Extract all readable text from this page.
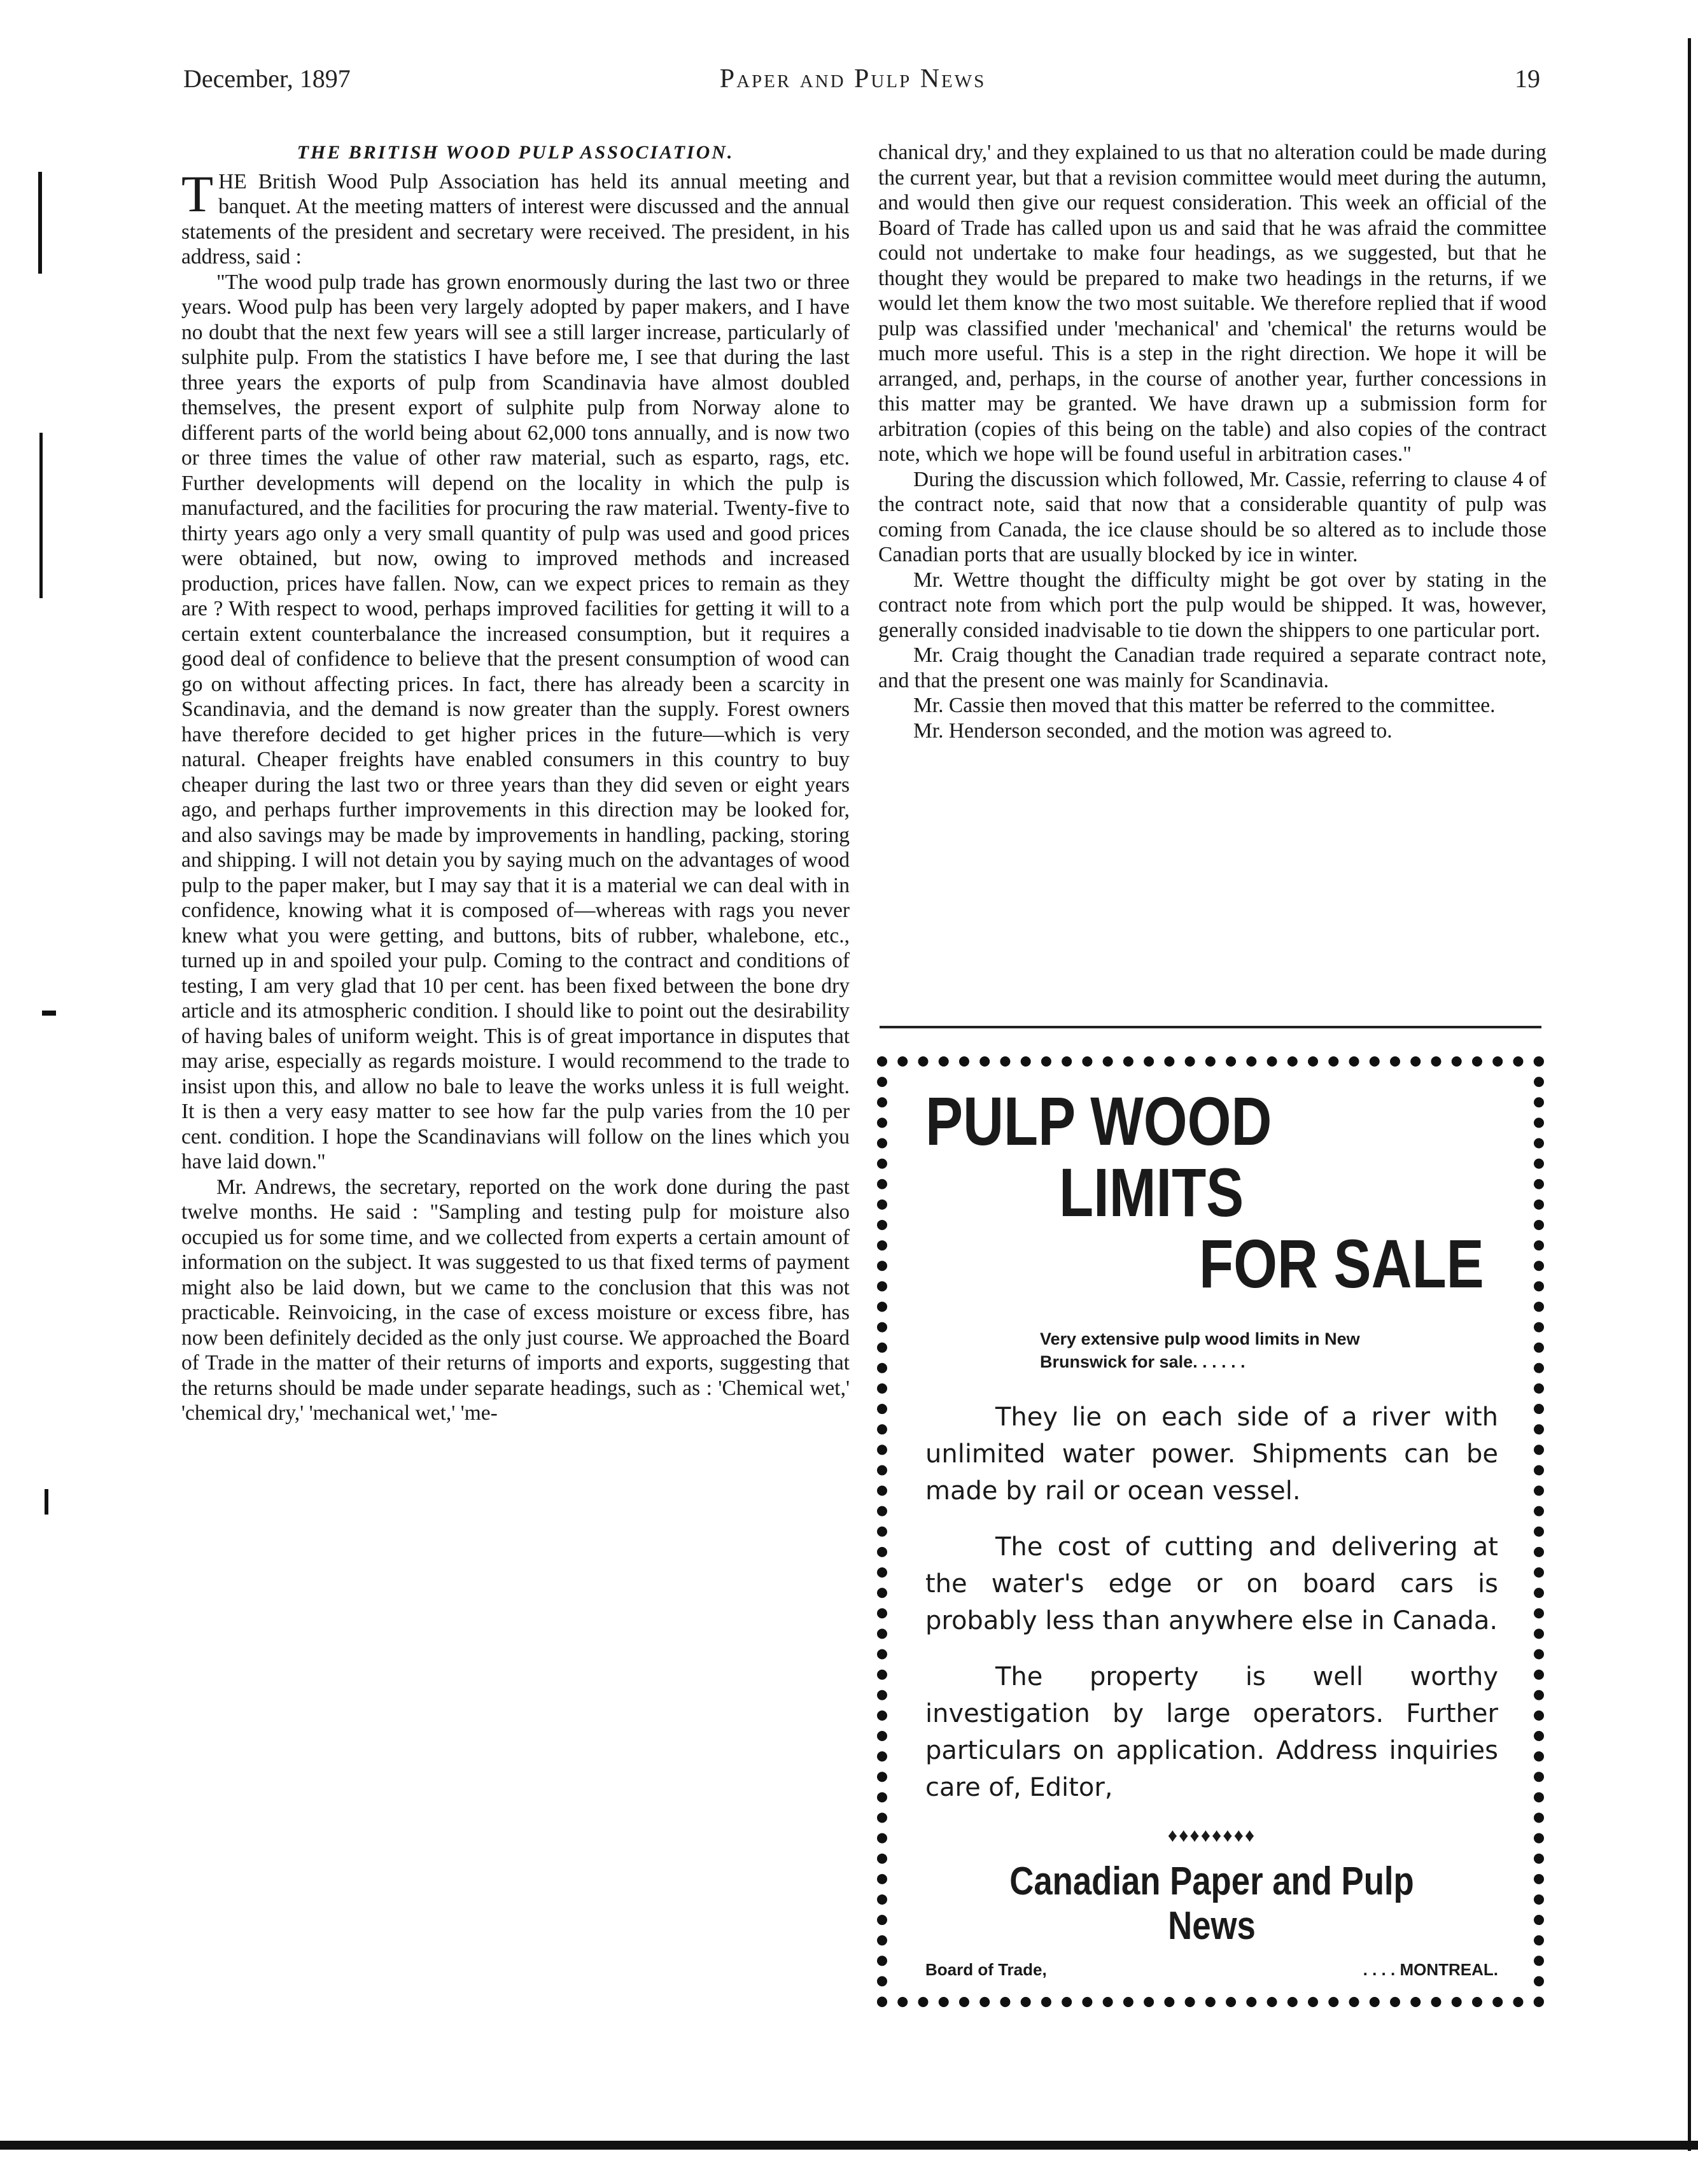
December, 1897	Paper and Pulp News	19

THE BRITISH WOOD PULP ASSOCIATION.

THE British Wood Pulp Association has held its annual meeting and banquet. At the meeting matters of interest were discussed and the annual statements of the president and secretary were received. The president, in his address, said :

"The wood pulp trade has grown enormously during the last two or three years. Wood pulp has been very largely adopted by paper makers, and I have no doubt that the next few years will see a still larger increase, particularly of sulphite pulp. From the statistics I have before me, I see that during the last three years the exports of pulp from Scandinavia have almost doubled themselves, the present export of sulphite pulp from Norway alone to different parts of the world being about 62,000 tons annually, and is now two or three times the value of other raw material, such as esparto, rags, etc. Further developments will depend on the locality in which the pulp is manufactured, and the facilities for procuring the raw material. Twenty-five to thirty years ago only a very small quantity of pulp was used and good prices were obtained, but now, owing to improved methods and increased production, prices have fallen. Now, can we expect prices to remain as they are ? With respect to wood, perhaps improved facilities for getting it will to a certain extent counterbalance the increased consumption, but it requires a good deal of confidence to believe that the present consumption of wood can go on without affecting prices. In fact, there has already been a scarcity in Scandinavia, and the demand is now greater than the supply. Forest owners have therefore decided to get higher prices in the future—which is very natural. Cheaper freights have enabled consumers in this country to buy cheaper during the last two or three years than they did seven or eight years ago, and perhaps further improvements in this direction may be looked for, and also savings may be made by improvements in handling, packing, storing and shipping. I will not detain you by saying much on the advantages of wood pulp to the paper maker, but I may say that it is a material we can deal with in confidence, knowing what it is composed of—whereas with rags you never knew what you were getting, and buttons, bits of rubber, whalebone, etc., turned up in and spoiled your pulp. Coming to the contract and conditions of testing, I am very glad that 10 per cent. has been fixed between the bone dry article and its atmospheric condition. I should like to point out the desirability of having bales of uniform weight. This is of great importance in disputes that may arise, especially as regards moisture. I would recommend to the trade to insist upon this, and allow no bale to leave the works unless it is full weight. It is then a very easy matter to see how far the pulp varies from the 10 per cent. condition. I hope the Scandinavians will follow on the lines which you have laid down."

Mr. Andrews, the secretary, reported on the work done during the past twelve months. He said : "Sampling and testing pulp for moisture also occupied us for some time, and we collected from experts a certain amount of information on the subject. It was suggested to us that fixed terms of payment might also be laid down, but we came to the conclusion that this was not practicable. Reinvoicing, in the case of excess moisture or excess fibre, has now been definitely decided as the only just course. We approached the Board of Trade in the matter of their returns of imports and exports, suggesting that the returns should be made under separate headings, such as : 'Chemical wet,' 'chemical dry,' 'mechanical wet,' 'me-

chanical dry,' and they explained to us that no alteration could be made during the current year, but that a revision committee would meet during the autumn, and would then give our request consideration. This week an official of the Board of Trade has called upon us and said that he was afraid the committee could not undertake to make four headings, as we suggested, but that he thought they would be prepared to make two headings in the returns, if we would let them know the two most suitable. We therefore replied that if wood pulp was classified under 'mechanical' and 'chemical' the returns would be much more useful. This is a step in the right direction. We hope it will be arranged, and, perhaps, in the course of another year, further concessions in this matter may be granted. We have drawn up a submission form for arbitration (copies of this being on the table) and also copies of the contract note, which we hope will be found useful in arbitration cases."

During the discussion which followed, Mr. Cassie, referring to clause 4 of the contract note, said that now that a considerable quantity of pulp was coming from Canada, the ice clause should be so altered as to include those Canadian ports that are usually blocked by ice in winter.

Mr. Wettre thought the difficulty might be got over by stating in the contract note from which port the pulp would be shipped. It was, however, generally consided inadvisable to tie down the shippers to one particular port.

Mr. Craig thought the Canadian trade required a separate contract note, and that the present one was mainly for Scandinavia.

Mr. Cassie then moved that this matter be referred to the committee.

Mr. Henderson seconded, and the motion was agreed to.

PULP WOOD
LIMITS
FOR SALE
Very extensive pulp wood limits in New Brunswick for sale. . . . . .

They lie on each side of a river with unlimited water power. Shipments can be made by rail or ocean vessel.

The cost of cutting and delivering at the water's edge or on board cars is probably less than anywhere else in Canada.

The property is well worthy investigation by large operators. Further particulars on application. Address inquiries care of, Editor,

♦♦♦♦♦♦♦♦
Canadian Paper and Pulp News
Board of Trade,	. . . . MONTREAL.
